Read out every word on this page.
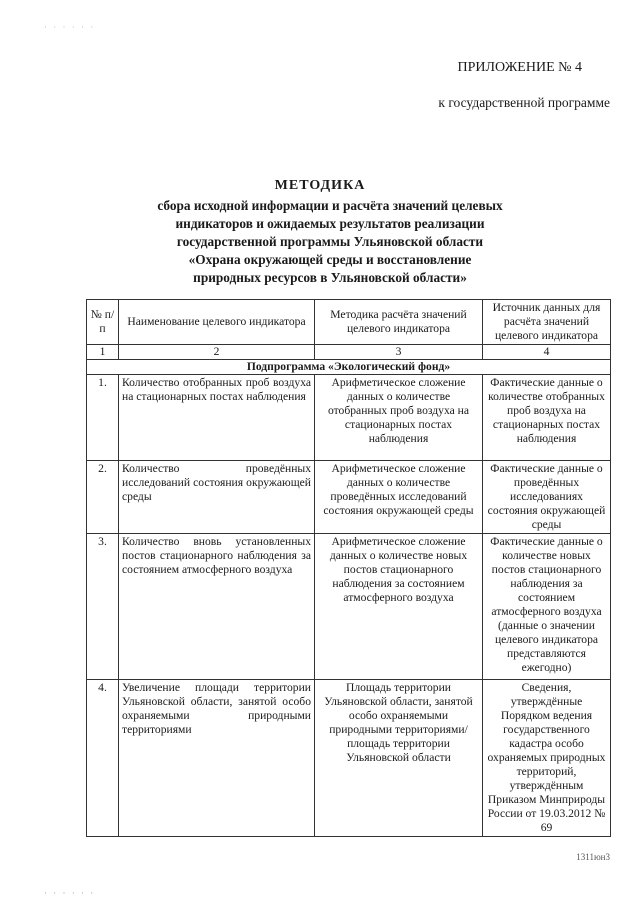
· · · · · ·
ПРИЛОЖЕНИЕ № 4
к государственной программе
МЕТОДИКА
сбора исходной информации и расчёта значений целевых
индикаторов и ожидаемых результатов реализации
государственной программы Ульяновской области
«Охрана окружающей среды и восстановление
природных ресурсов в Ульяновской области»
№ п/п	Наименование целевого индикатора	Методика расчёта значений целевого индикатора	Источник данных для расчёта значений целевого индикатора
1	2	3	4
Подпрограмма «Экологический фонд»			
1.	Количество отобранных проб воздуха на стационарных постах наблюдения	Арифметическое сложение данных о количестве отобранных проб воздуха на стационарных постах наблюдения	Фактические данные о количестве отобранных проб воздуха на стационарных постах наблюдения
2.	Количество проведённых исследований состояния окружающей среды	Арифметическое сложение данных о количестве проведённых исследований состояния окружающей среды	Фактические данные о проведённых исследованиях состояния окружающей среды
3.	Количество вновь установленных постов стационарного наблюдения за состоянием атмосферного воздуха	Арифметическое сложение данных о количестве новых постов стационарного наблюдения за состоянием атмосферного воздуха	Фактические данные о количестве новых постов стационарного наблюдения за состоянием атмосферного воздуха (данные о значении целевого индикатора представляются ежегодно)
4.	Увеличение площади территории Ульяновской области, занятой особо охраняемыми природными территориями	Площадь территории Ульяновской области, занятой особо охраняемыми природными территориями/площадь территории Ульяновской области	Сведения, утверждённые Порядком ведения государственного кадастра особо охраняемых природных территорий, утверждённым Приказом Минприроды России от 19.03.2012 № 69
1311юн3
· · · · · ·
